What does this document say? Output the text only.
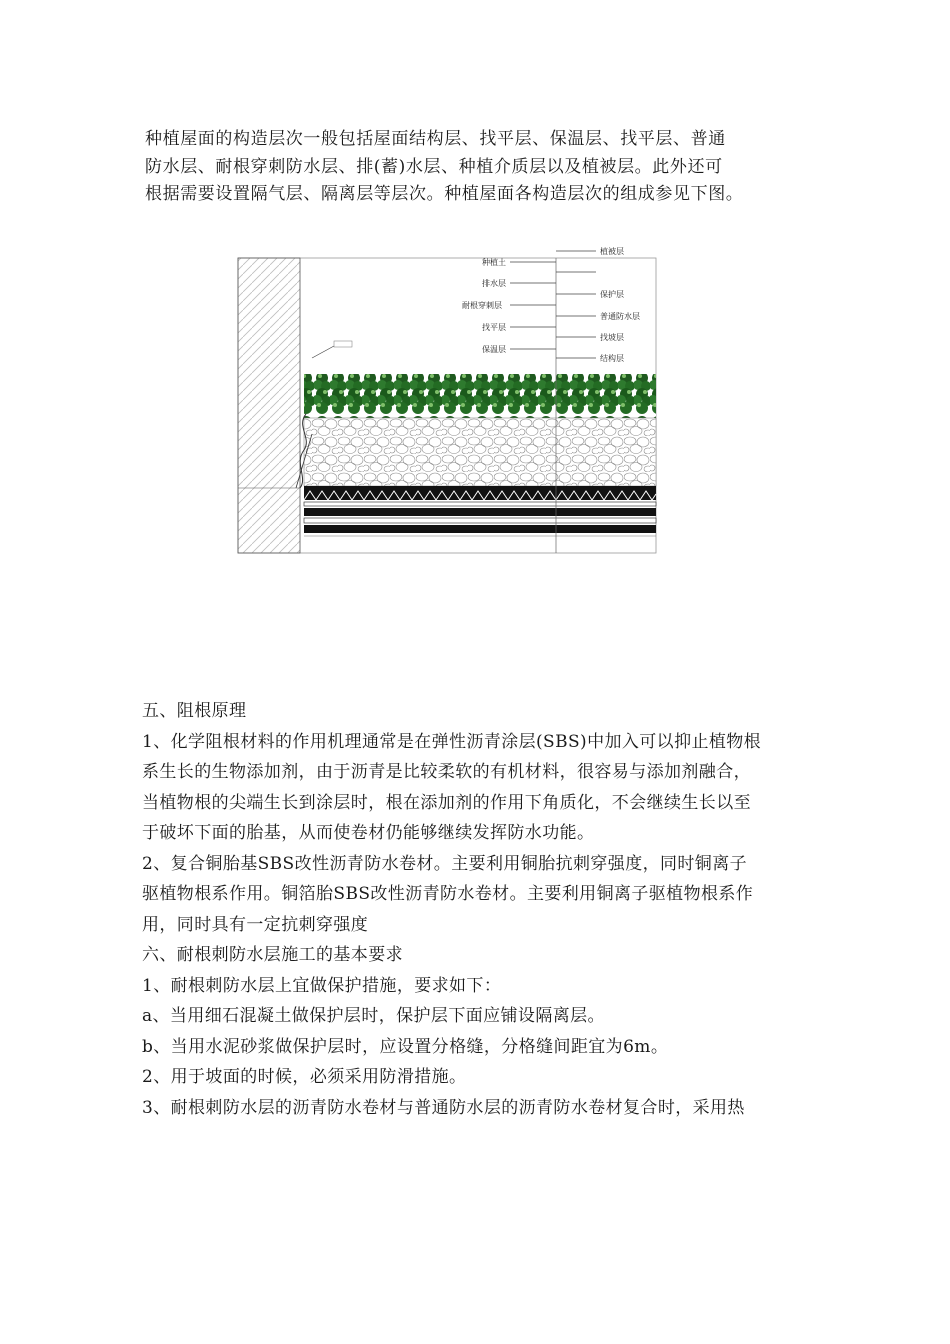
种植屋面的构造层次一般包括屋面结构层、找平层、保温层、找平层、普通

防水层、耐根穿刺防水层、排(蓄)水层、种植介质层以及植被层。此外还可

根据需要设置隔气层、隔离层等层次。种植屋面各构造层次的组成参见下图。

种植土
排水层
耐根穿刺层
找平层
保温层
植被层
保护层
普通防水层
找坡层
结构层

五、阻根原理

1、化学阻根材料的作用机理通常是在弹性沥青涂层(SBS)中加入可以抑止植物根

系生长的生物添加剂，由于沥青是比较柔软的有机材料，很容易与添加剂融合，

当植物根的尖端生长到涂层时，根在添加剂的作用下角质化，不会继续生长以至

于破坏下面的胎基，从而使卷材仍能够继续发挥防水功能。

2、复合铜胎基SBS改性沥青防水卷材。主要利用铜胎抗刺穿强度，同时铜离子

驱植物根系作用。铜箔胎SBS改性沥青防水卷材。主要利用铜离子驱植物根系作

用，同时具有一定抗刺穿强度

六、耐根刺防水层施工的基本要求

1、耐根刺防水层上宜做保护措施，要求如下：

a、当用细石混凝土做保护层时，保护层下面应铺设隔离层。

b、当用水泥砂浆做保护层时，应设置分格缝，分格缝间距宜为6m。

2、用于坡面的时候，必须采用防滑措施。

3、耐根刺防水层的沥青防水卷材与普通防水层的沥青防水卷材复合时，采用热
